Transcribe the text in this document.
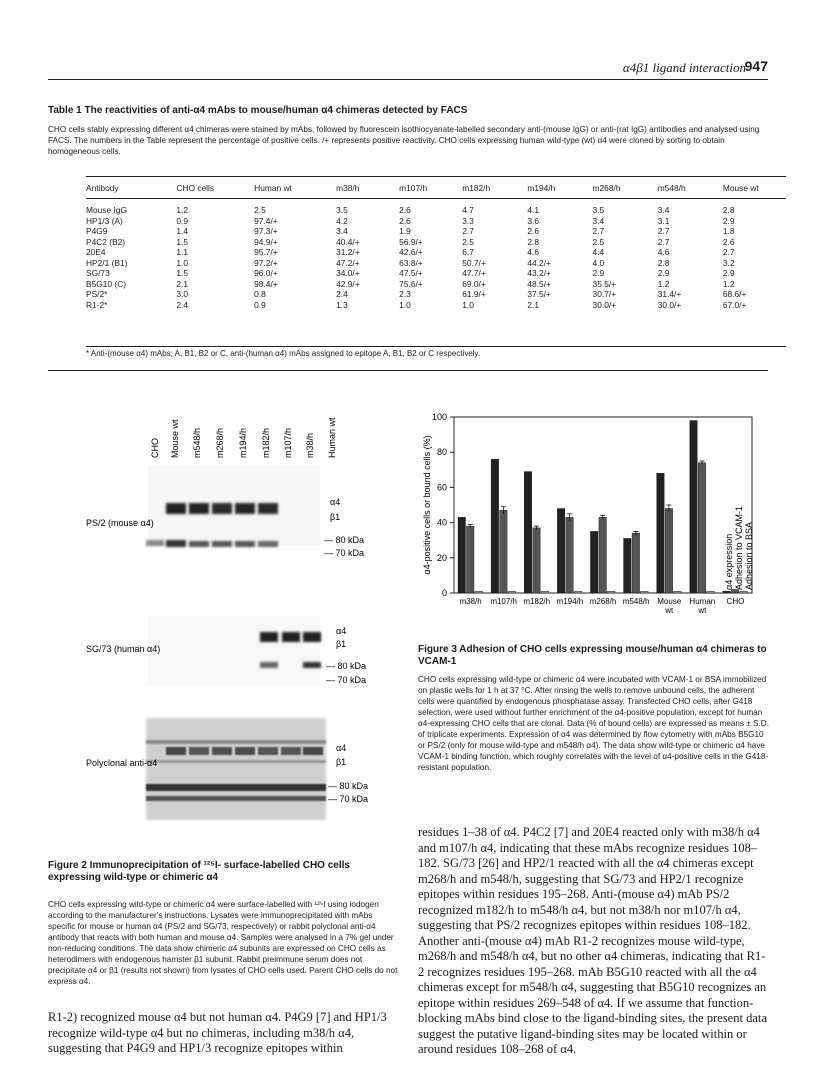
α4β1 ligand interaction
947
Table 1 The reactivities of anti-α4 mAbs to mouse/human α4 chimeras detected by FACS
CHO cells stably expressing different α4 chimeras were stained by mAbs, followed by fluorescein isothiocyanate-labelled secondary anti-(mouse IgG) or anti-(rat IgG) antibodies and analysed using FACS. The numbers in the Table represent the percentage of positive cells. /+ represents positive reactivity. CHO cells expressing human wild-type (wt) α4 were cloned by sorting to obtain homogeneous cells.
Antibody	CHO cells	Human wt	m38/h	m107/h	m182/h	m194/h	m268/h	m548/h	Mouse wt
Mouse IgG	1.2	2.5	3.5	2.6	4.7	4.1	3.5	3.4	2.8
HP1/3 (A)	0.9	97.4/+	4.2	2.6	3.3	3.6	3.4	3.1	2.9
P4G9	1.4	97.3/+	3.4	1.9	2.7	2.6	2.7	2.7	1.8
P4C2 (B2)	1.5	94.9/+	40.4/+	56.9/+	2.5	2.8	2.5	2.7	2.6
20E4	1.1	95.7/+	31.2/+	42.6/+	6.7	4.6	4.4	4.6	2.7
HP2/1 (B1)	1.0	97.2/+	47.2/+	63.8/+	50.7/+	44.2/+	4.0	2.8	3.2
SG/73	1.5	96.0/+	34.0/+	47.5/+	47.7/+	43.2/+	2.9	2.9	2.9
B5G10 (C)	2.1	98.4/+	42.9/+	75.6/+	69.0/+	48.5/+	35.5/+	1.2	1.2
PS/2*	3.0	0.8	2.4	2.3	61.9/+	37.5/+	30.7/+	31.4/+	68.6/+
R1-2*	2.4	0.9	1.3	1.0	1.0	2.1	30.0/+	30.0/+	67.0/+
* Anti-(mouse α4) mAbs; A, B1, B2 or C, anti-(human α4) mAbs assigned to epitope A, B1, B2 or C respectively.
CHO Mouse wt m548/h m268/h m194/h m182/h m107/h m38/h Human wt
PS/2 (mouse α4)
α4
β1
— 80 kDa
— 70 kDa
SG/73 (human α4)
α4
β1
— 80 kDa
— 70 kDa
Polyclonal anti-α4
α4
β1
— 80 kDa
— 70 kDa
Figure 2 Immunoprecipitation of ¹²⁵I- surface-labelled CHO cells expressing wild-type or chimeric α4
CHO cells expressing wild-type or chimeric α4 were surface-labelled with ¹²⁵I using iodogen according to the manufacturer's instructions. Lysates were immunoprecipitated with mAbs specific for mouse or human α4 (PS/2 and SG/73, respectively) or rabbit polyclonal anti-α4 antibody that reacts with both human and mouse α4. Samples were analysed in a 7% gel under non-reducing conditions. The data show chimeric α4 subunits are expressed on CHO cells as heterodimers with endogenous hamster β1 subunit. Rabbit preimmune serum does not precipitate α4 or β1 (results not shown) from lysates of CHO cells used. Parent CHO cells do not express α4.
R1-2) recognized mouse α4 but not human α4. P4G9 [7] and HP1/3 recognize wild-type α4 but no chimeras, including m38/h α4, suggesting that P4G9 and HP1/3 recognize epitopes within
0
20
40
60
80
100
α4-positive cells or bound cells (%)
m38/h m107/h m182/h m194/h m268/h m548/h Mouse
wt
Human
wt
CHO
α4 expression Adhesion to VCAM-1 Adhesion to BSA
Figure 3 Adhesion of CHO cells expressing mouse/human α4 chimeras to VCAM-1
CHO cells expressing wild-type or chimeric α4 were incubated with VCAM-1 or BSA immobilized on plastic wells for 1 h at 37 °C. After rinsing the wells to remove unbound cells, the adherent cells were quantified by endogenous phosphatase assay. Transfected CHO cells, after G418 selection, were used without further enrichment of the α4-positive population, except for human α4-expressing CHO cells that are clonal. Data (% of bound cells) are expressed as means ± S.D. of triplicate experiments. Expression of α4 was determined by flow cytometry with mAbs B5G10 or PS/2 (only for mouse wild-type and m548/h α4). The data show wild-type or chimeric α4 have VCAM-1 binding function, which roughly correlates with the level of α4-positive cells in the G418-resistant population.
residues 1–38 of α4. P4C2 [7] and 20E4 reacted only with m38/h α4 and m107/h α4, indicating that these mAbs recognize residues 108–182. SG/73 [26] and HP2/1 reacted with all the α4 chimeras except m268/h and m548/h, suggesting that SG/73 and HP2/1 recognize epitopes within residues 195–268. Anti-(mouse α4) mAb PS/2 recognized m182/h to m548/h α4, but not m38/h nor m107/h α4, suggesting that PS/2 recognizes epitopes within residues 108–182. Another anti-(mouse α4) mAb R1-2 recognizes mouse wild-type, m268/h and m548/h α4, but no other α4 chimeras, indicating that R1-2 recognizes residues 195–268. mAb B5G10 reacted with all the α4 chimeras except for m548/h α4, suggesting that B5G10 recognizes an epitope within residues 269–548 of α4. If we assume that function-blocking mAbs bind close to the ligand-binding sites, the present data suggest the putative ligand-binding sites may be located within or around residues 108–268 of α4.
